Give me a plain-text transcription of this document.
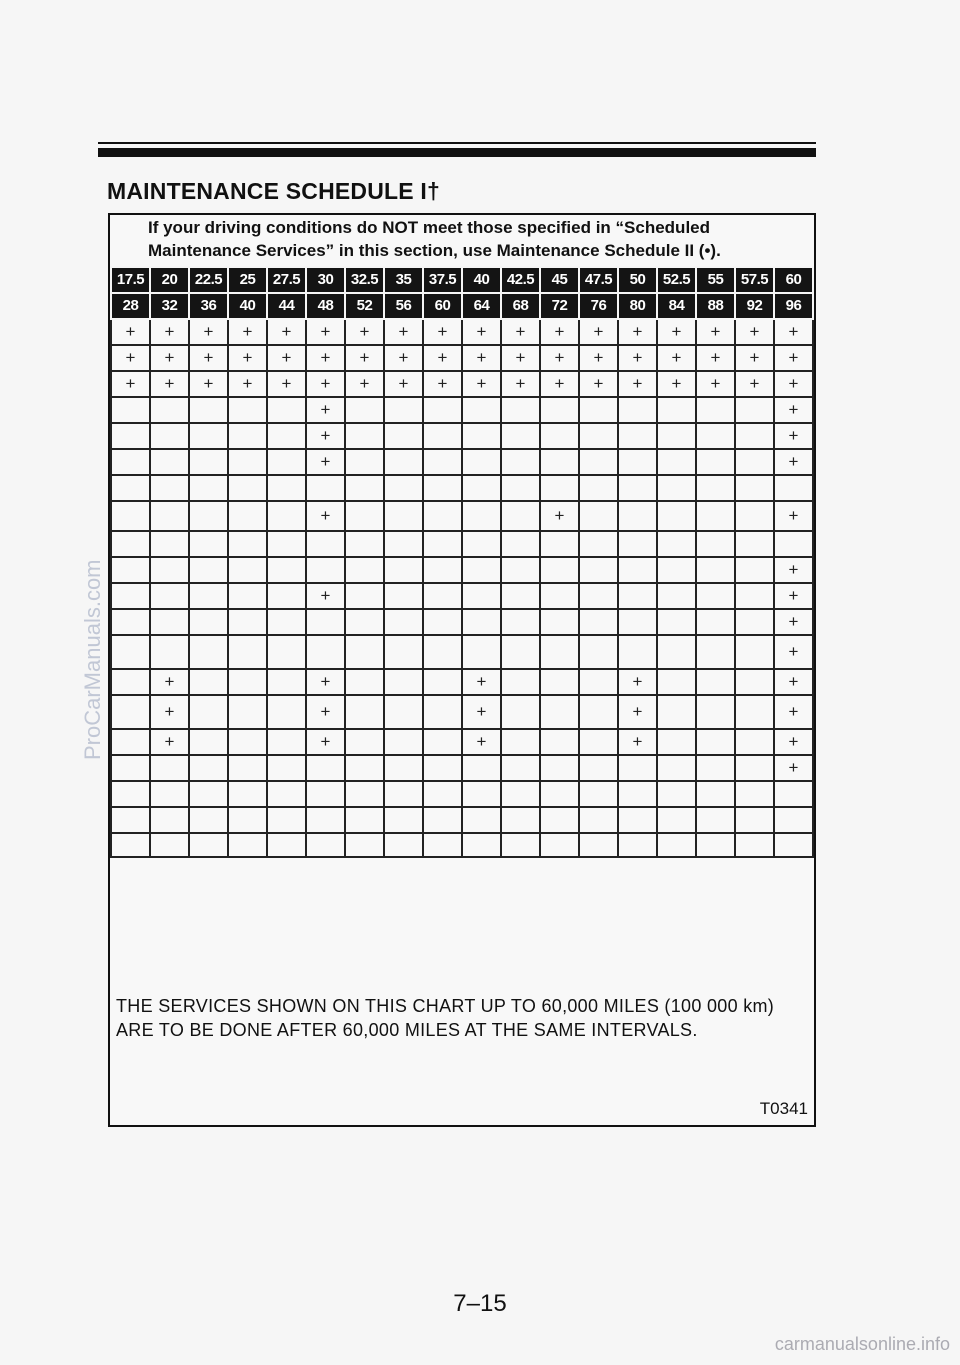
MAINTENANCE SCHEDULE I†
If your driving conditions do NOT meet those specified in “Scheduled Maintenance Services” in this section, use Maintenance Schedule II (•).
17.5	20	22.5	25	27.5	30	32.5	35	37.5	40	42.5	45	47.5	50	52.5	55	57.5	60
28	32	36	40	44	48	52	56	60	64	68	72	76	80	84	88	92	96
+	+	+	+	+	+	+	+	+	+	+	+	+	+	+	+	+	+
+	+	+	+	+	+	+	+	+	+	+	+	+	+	+	+	+	+
+	+	+	+	+	+	+	+	+	+	+	+	+	+	+	+	+	+
					+												+
					+												+
					+												+

					+						+						+

																	+
					+												+
																	+
																	+
	+				+				+				+				+
	+				+				+				+				+
	+				+				+				+				+
																	+

THE SERVICES SHOWN ON THIS CHART UP TO 60,000 MILES (100 000 km) ARE TO BE DONE AFTER 60,000 MILES AT THE SAME INTERVALS.
T0341
7–15
ProCarManuals.com
carmanualsonline.info
